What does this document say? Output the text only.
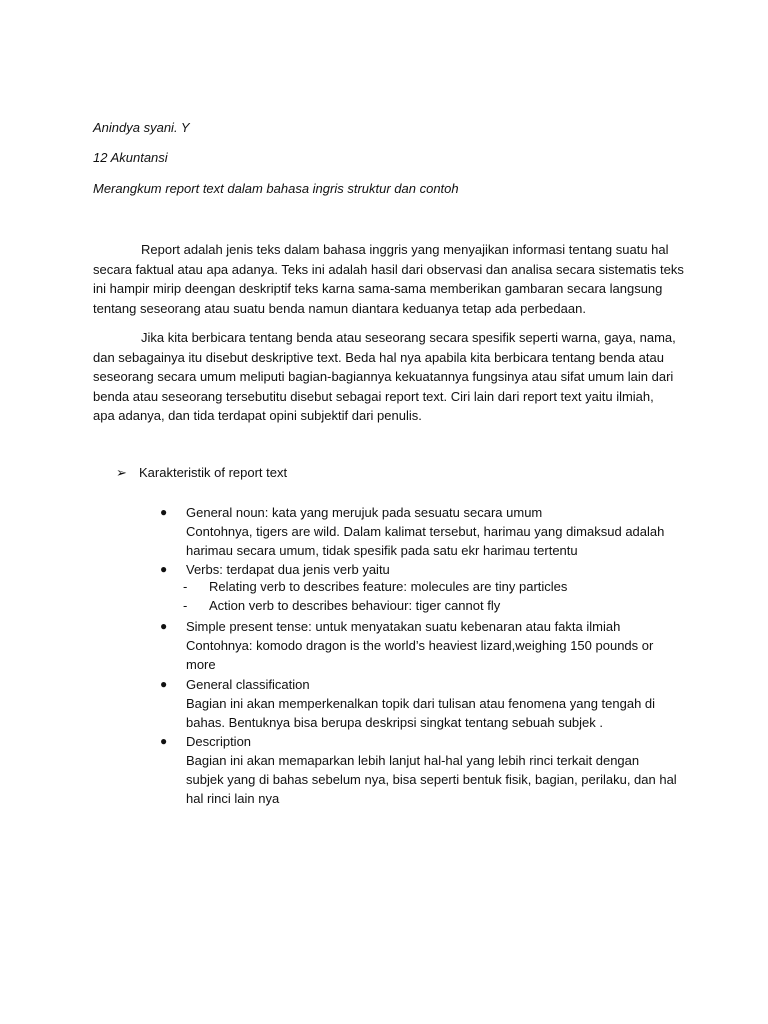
Anindya syani. Y

12 Akuntansi

Merangkum report text dalam bahasa ingris struktur dan contoh

Report adalah jenis teks dalam bahasa inggris yang menyajikan informasi tentang suatu hal
secara faktual atau apa adanya. Teks ini adalah hasil dari observasi dan analisa secara sistematis teks
ini hampir mirip deengan deskriptif teks karna sama-sama memberikan gambaran secara langsung
tentang seseorang atau suatu benda namun diantara keduanya tetap ada perbedaan.
Jika kita berbicara tentang benda atau seseorang secara spesifik seperti warna, gaya, nama,
dan sebagainya itu disebut deskriptive text. Beda hal nya apabila kita berbicara tentang benda atau
seseorang secara umum meliputi bagian-bagiannya kekuatannya fungsinya atau sifat umum lain dari
benda atau seseorang tersebutitu disebut sebagai report text. Ciri lain dari report text yaitu ilmiah,
apa adanya, dan tida terdapat opini subjektif dari penulis.
➢ Karakteristik of report text
●	General noun: kata yang merujuk pada sesuatu secara umum
Contohnya, tigers are wild. Dalam kalimat tersebut, harimau yang dimaksud adalah
harimau secara umum, tidak spesifik pada satu ekr harimau tertentu
●	Verbs: terdapat dua jenis verb yaitu
- Relating verb to describes feature: molecules are tiny particles
- Action verb to describes behaviour: tiger cannot fly
●	Simple present tense: untuk menyatakan suatu kebenaran atau fakta ilmiah
Contohnya: komodo dragon is the world’s heaviest lizard,weighing 150 pounds or
more
●	General classification
Bagian ini akan memperkenalkan topik dari tulisan atau fenomena yang tengah di
bahas. Bentuknya bisa berupa deskripsi singkat tentang sebuah subjek .
●	Description
Bagian ini akan memaparkan lebih lanjut hal-hal yang lebih rinci terkait dengan
subjek yang di bahas sebelum nya, bisa seperti bentuk fisik, bagian, perilaku, dan hal
hal rinci lain nya
